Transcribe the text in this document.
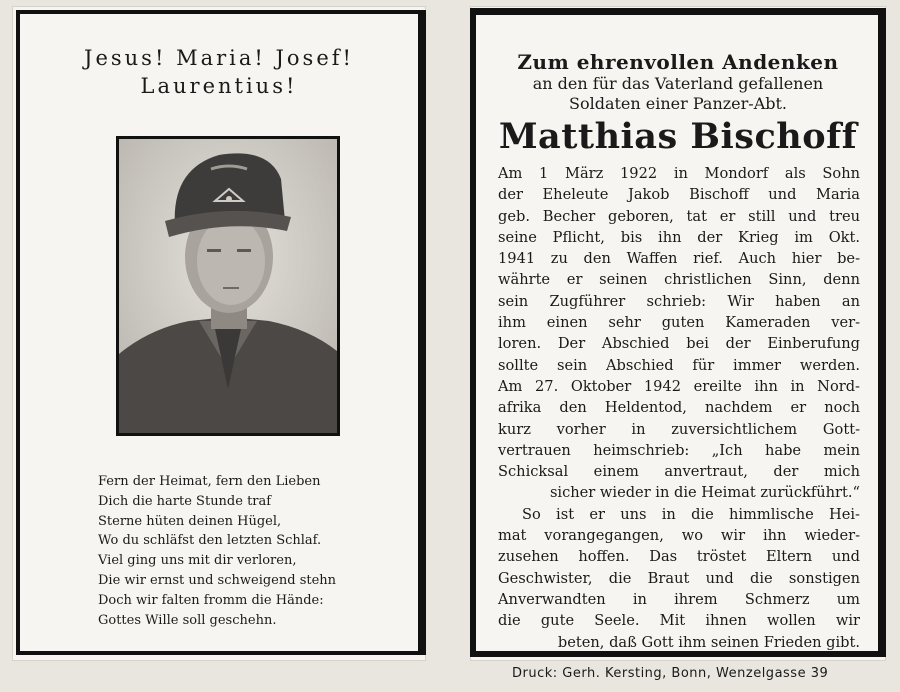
Jesus! Maria! Josef!
Laurentius!
Fern der Heimat, fern den Lieben
Dich die harte Stunde traf
Sterne hüten deinen Hügel,
Wo du schläfst den letzten Schlaf.
Viel ging uns mit dir verloren,
Die wir ernst und schweigend stehn
Doch wir falten fromm die Hände:
Gottes Wille soll geschehn.
Zum ehrenvollen Andenken
an den für das Vaterland gefallenen
Soldaten einer Panzer-Abt.
Matthias Bischoff
Am 1 März 1922 in Mondorf als Sohn
der Eheleute Jakob Bischoff und Maria
geb. Becher geboren, tat er still und treu
seine Pflicht, bis ihn der Krieg im Okt.
1941 zu den Waffen rief. Auch hier be-
währte er seinen christlichen Sinn, denn
sein Zugführer schrieb: Wir haben an
ihm einen sehr guten Kameraden ver-
loren. Der Abschied bei der Einberufung
sollte sein Abschied für immer werden.
Am 27. Oktober 1942 ereilte ihn in Nord-
afrika den Heldentod, nachdem er noch
kurz vorher in zuversichtlichem Gott-
vertrauen heimschrieb: „Ich habe mein
Schicksal einem anvertraut, der mich
sicher wieder in die Heimat zurückführt.“
So ist er uns in die himmlische Hei-
mat vorangegangen, wo wir ihn wieder-
zusehen hoffen. Das tröstet Eltern und
Geschwister, die Braut und die sonstigen
Anverwandten in ihrem Schmerz um
die gute Seele. Mit ihnen wollen wir
beten, daß Gott ihm seinen Frieden gibt.
Druck: Gerh. Kersting, Bonn, Wenzelgasse 39
